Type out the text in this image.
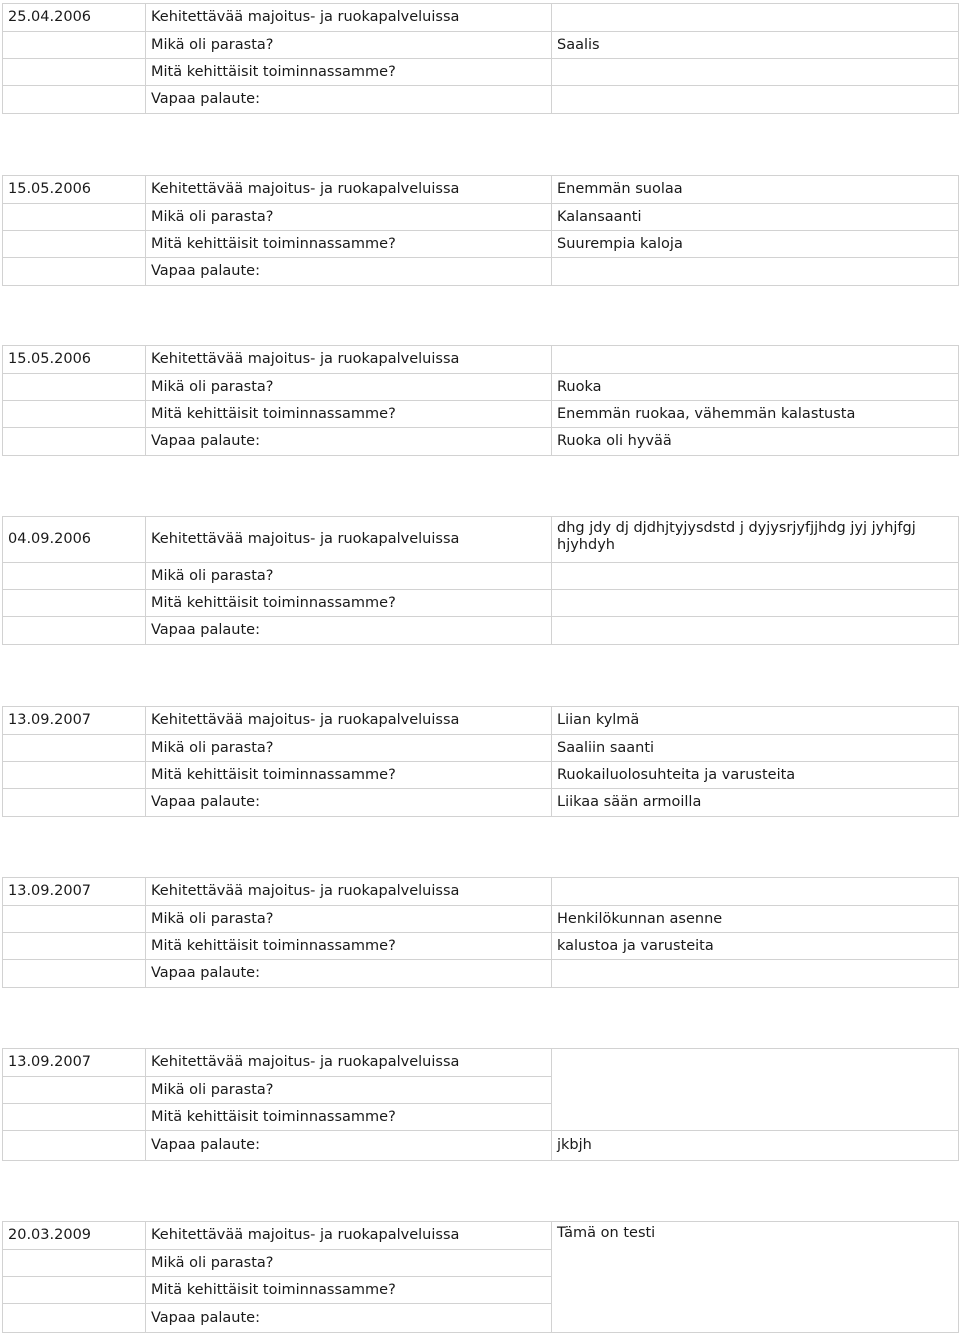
25.04.2006	Kehitettävää majoitus- ja ruokapalveluissa	
	Mikä oli parasta?	Saalis
	Mitä kehittäisit toiminnassamme?	
	Vapaa palaute:	
15.05.2006	Kehitettävää majoitus- ja ruokapalveluissa	Enemmän suolaa
	Mikä oli parasta?	Kalansaanti
	Mitä kehittäisit toiminnassamme?	Suurempia kaloja
	Vapaa palaute:	
15.05.2006	Kehitettävää majoitus- ja ruokapalveluissa	
	Mikä oli parasta?	Ruoka
	Mitä kehittäisit toiminnassamme?	Enemmän ruokaa, vähemmän kalastusta
	Vapaa palaute:	Ruoka oli hyvää
04.09.2006	Kehitettävää majoitus- ja ruokapalveluissa	dhg jdy dj djdhjtyjysdstd j dyjysrjyfjjhdg jyj jyhjfgj hjyhdyh
	Mikä oli parasta?	
	Mitä kehittäisit toiminnassamme?	
	Vapaa palaute:	
13.09.2007	Kehitettävää majoitus- ja ruokapalveluissa	Liian kylmä
	Mikä oli parasta?	Saaliin saanti
	Mitä kehittäisit toiminnassamme?	Ruokailuolosuhteita ja varusteita
	Vapaa palaute:	Liikaa sään armoilla
13.09.2007	Kehitettävää majoitus- ja ruokapalveluissa	
	Mikä oli parasta?	Henkilökunnan asenne
	Mitä kehittäisit toiminnassamme?	kalustoa ja varusteita
	Vapaa palaute:	
13.09.2007	Kehitettävää majoitus- ja ruokapalveluissa	
	Mikä oli parasta?	
	Mitä kehittäisit toiminnassamme?	
	Vapaa palaute:	jkbjh
20.03.2009	Kehitettävää majoitus- ja ruokapalveluissa	Tämä on testi
	Mikä oli parasta?	
	Mitä kehittäisit toiminnassamme?	
	Vapaa palaute:	
